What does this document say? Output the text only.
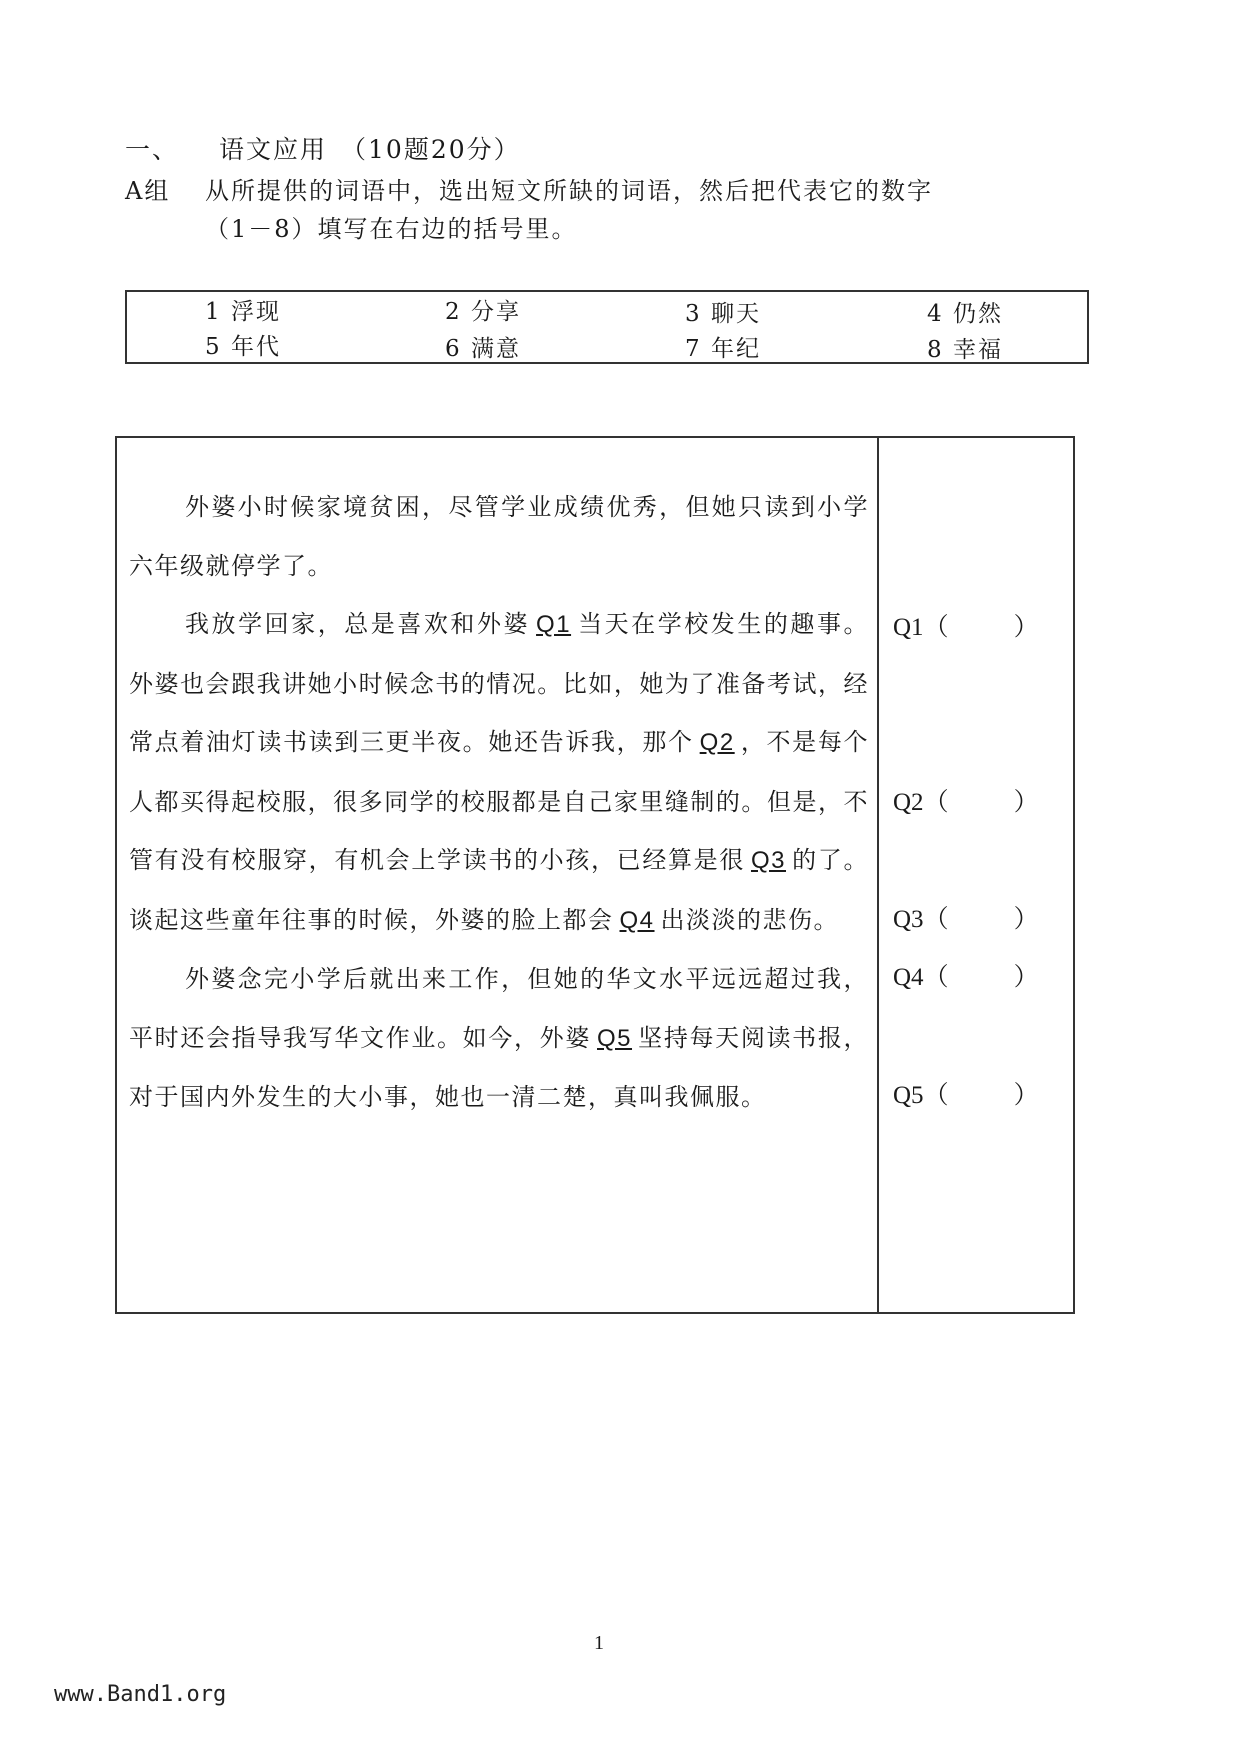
一、 语文应用 （10题20分）
A组 从所提供的词语中，选出短文所缺的词语，然后把代表它的数字
（1－8）填写在右边的括号里。
1 浮现	2 分享	3 聊天	4 仍然
5 年代	6 满意	7 年纪	8 幸福

外婆小时候家境贫困，尽管学业成绩优秀，但她只读到小学六年级就停学了。

我放学回家，总是喜欢和外婆 Q1 当天在学校发生的趣事。外婆也会跟我讲她小时候念书的情况。比如，她为了准备考试，经常点着油灯读书读到三更半夜。她还告诉我，那个 Q2 ，不是每个人都买得起校服，很多同学的校服都是自己家里缝制的。但是，不管有没有校服穿，有机会上学读书的小孩，已经算是很 Q3 的了。谈起这些童年往事的时候，外婆的脸上都会 Q4 出淡淡的悲伤。

外婆念完小学后就出来工作，但她的华文水平远远超过我，平时还会指导我写华文作业。如今，外婆 Q5 坚持每天阅读书报，对于国内外发生的大小事，她也一清二楚，真叫我佩服。

Q1（	）
Q2（	）
Q3（	）
Q4（	）
Q5（	）
1
www.Band1.org
